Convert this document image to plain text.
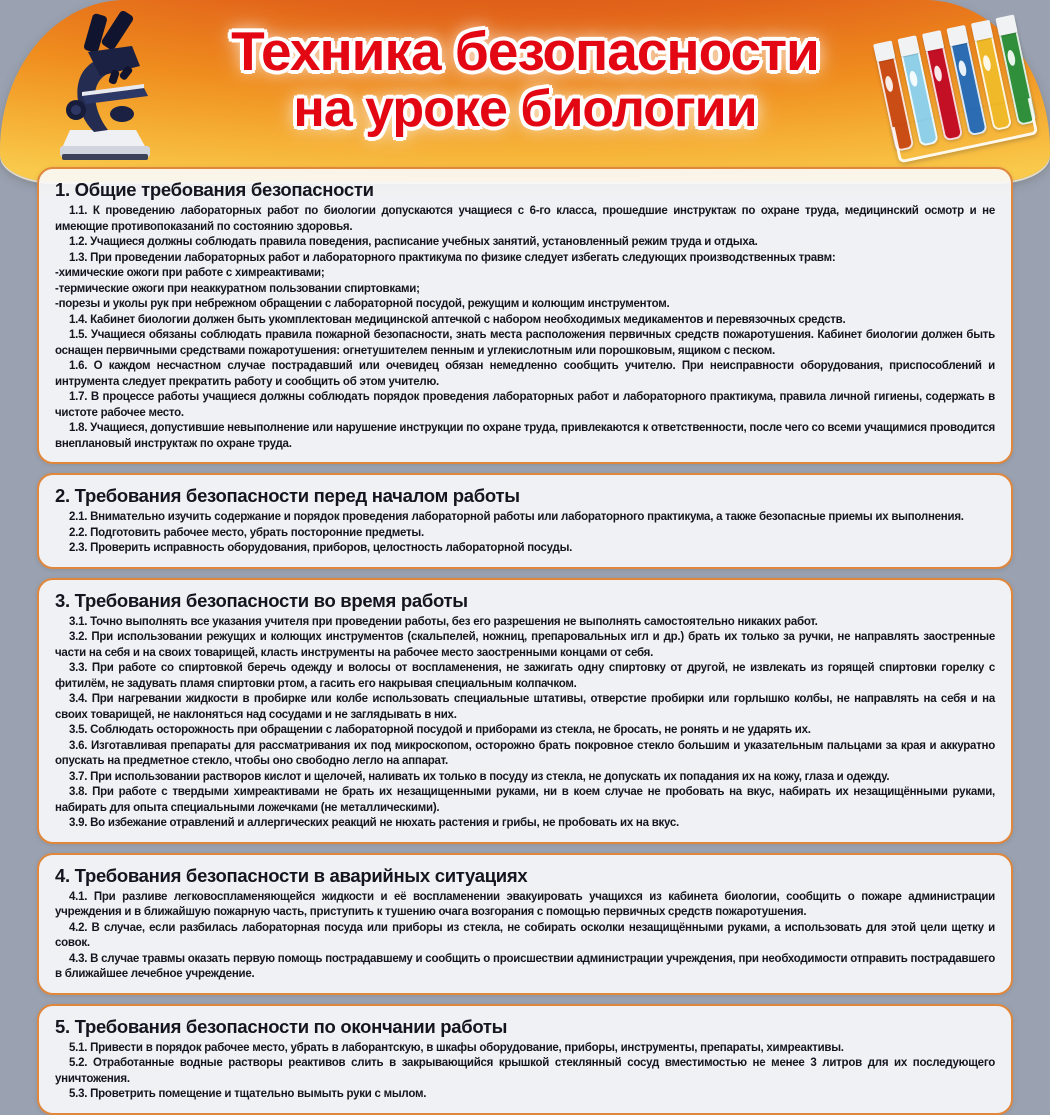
Техника безопасности
на уроке биологии
1. Общие требования безопасности

1.1. К проведению лабораторных работ по биологии допускаются учащиеся с 6-го класса, прошедшие инструктаж по охране труда, медицинский осмотр и не имеющие противопоказаний по состоянию здоровья.

1.2. Учащиеся должны соблюдать правила поведения, расписание учебных занятий, установленный режим труда и отдыха.

1.3. При проведении лабораторных работ и лабораторного практикума по физике следует избегать следующих производственных травм:

-химические ожоги при работе с химреактивами;

-термические ожоги при неаккуратном пользовании спиртовками;

-порезы и уколы рук при небрежном обращении с лабораторной посудой, режущим и колющим инструментом.

1.4. Кабинет биологии должен быть укомплектован медицинской аптечкой с набором необходимых медикаментов и перевязочных средств.

1.5. Учащиеся обязаны соблюдать правила пожарной безопасности, знать места расположения первичных средств пожаротушения. Кабинет биологии должен быть оснащен первичными средствами пожаротушения: огнетушителем пенным и углекислотным или порошковым, ящиком с песком.

1.6. О каждом несчастном случае пострадавший или очевидец обязан немедленно сообщить учителю. При неисправности оборудования, приспособлений и интрумента следует прекратить работу и сообщить об этом учителю.

1.7. В процессе работы учащиеся должны соблюдать порядок проведения лабораторных работ и лабораторного практикума, правила личной гигиены, содержать в чистоте рабочее место.

1.8. Учащиеся, допустившие невыполнение или нарушение инструкции по охране труда, привлекаются к ответственности, после чего со всеми учащимися проводится внеплановый инструктаж по охране труда.

2. Требования безопасности перед началом работы

2.1. Внимательно изучить содержание и порядок проведения лабораторной работы или лабораторного практикума, а также безопасные приемы их выполнения.

2.2. Подготовить рабочее место, убрать посторонние предметы.

2.3. Проверить исправность оборудования, приборов, целостность лабораторной посуды.

3. Требования безопасности во время работы

3.1. Точно выполнять все указания учителя при проведении работы, без его разрешения не выполнять самостоятельно никаких работ.

3.2. При использовании режущих и колющих инструментов (скальпелей, ножниц, препаровальных игл и др.) брать их только за ручки, не направлять заостренные части на себя и на своих товарищей, класть инструменты на рабочее место заостренными концами от себя.

3.3. При работе со спиртовкой беречь одежду и волосы от воспламенения, не зажигать одну спиртовку от другой, не извлекать из горящей спиртовки горелку с фитилём, не задувать пламя спиртовки ртом, а гасить его накрывая специальным колпачком.

3.4. При нагревании жидкости в пробирке или колбе использовать специальные штативы, отверстие пробирки или горлышко колбы, не направлять на себя и на своих товарищей, не наклоняться над сосудами и не заглядывать в них.

3.5. Соблюдать осторожность при обращении с лабораторной посудой и приборами из стекла, не бросать, не ронять и не ударять их.

3.6. Изготавливая препараты для рассматривания их под микроскопом, осторожно брать покровное стекло большим и указательным пальцами за края и аккуратно опускать на предметное стекло, чтобы оно свободно легло на аппарат.

3.7. При использовании растворов кислот и щелочей, наливать их только в посуду из стекла, не допускать их попадания их на кожу, глаза и одежду.

3.8. При работе с твердыми химреактивами не брать их незащищенными руками, ни в коем случае не пробовать на вкус, набирать их незащищёнными руками, набирать для опыта специальными ложечками (не металлическими).

3.9. Во избежание отравлений и аллергических реакций не нюхать растения и грибы, не пробовать их на вкус.

4. Требования безопасности в аварийных ситуациях

4.1. При разливе легковоспламеняющейся жидкости и её воспламенении эвакуировать учащихся из кабинета биологии, сообщить о пожаре администрации учреждения и в ближайшую пожарную часть, приступить к тушению очага возгорания с помощью первичных средств пожаротушения.

4.2. В случае, если разбилась лабораторная посуда или приборы из стекла, не собирать осколки незащищёнными руками, а использовать для этой цели щетку и совок.

4.3. В случае травмы оказать первую помощь пострадавшему и сообщить о происшествии администрации учреждения, при необходимости отправить пострадавшего в ближайшее лечебное учреждение.

5. Требования безопасности по окончании работы

5.1. Привести в порядок рабочее место, убрать в лаборантскую, в шкафы оборудование, приборы, инструменты, препараты, химреактивы.

5.2. Отработанные водные растворы реактивов слить в закрывающийся крышкой стеклянный сосуд вместимостью не менее 3 литров для их последующего уничтожения.

5.3. Проветрить помещение и тщательно вымыть руки с мылом.
